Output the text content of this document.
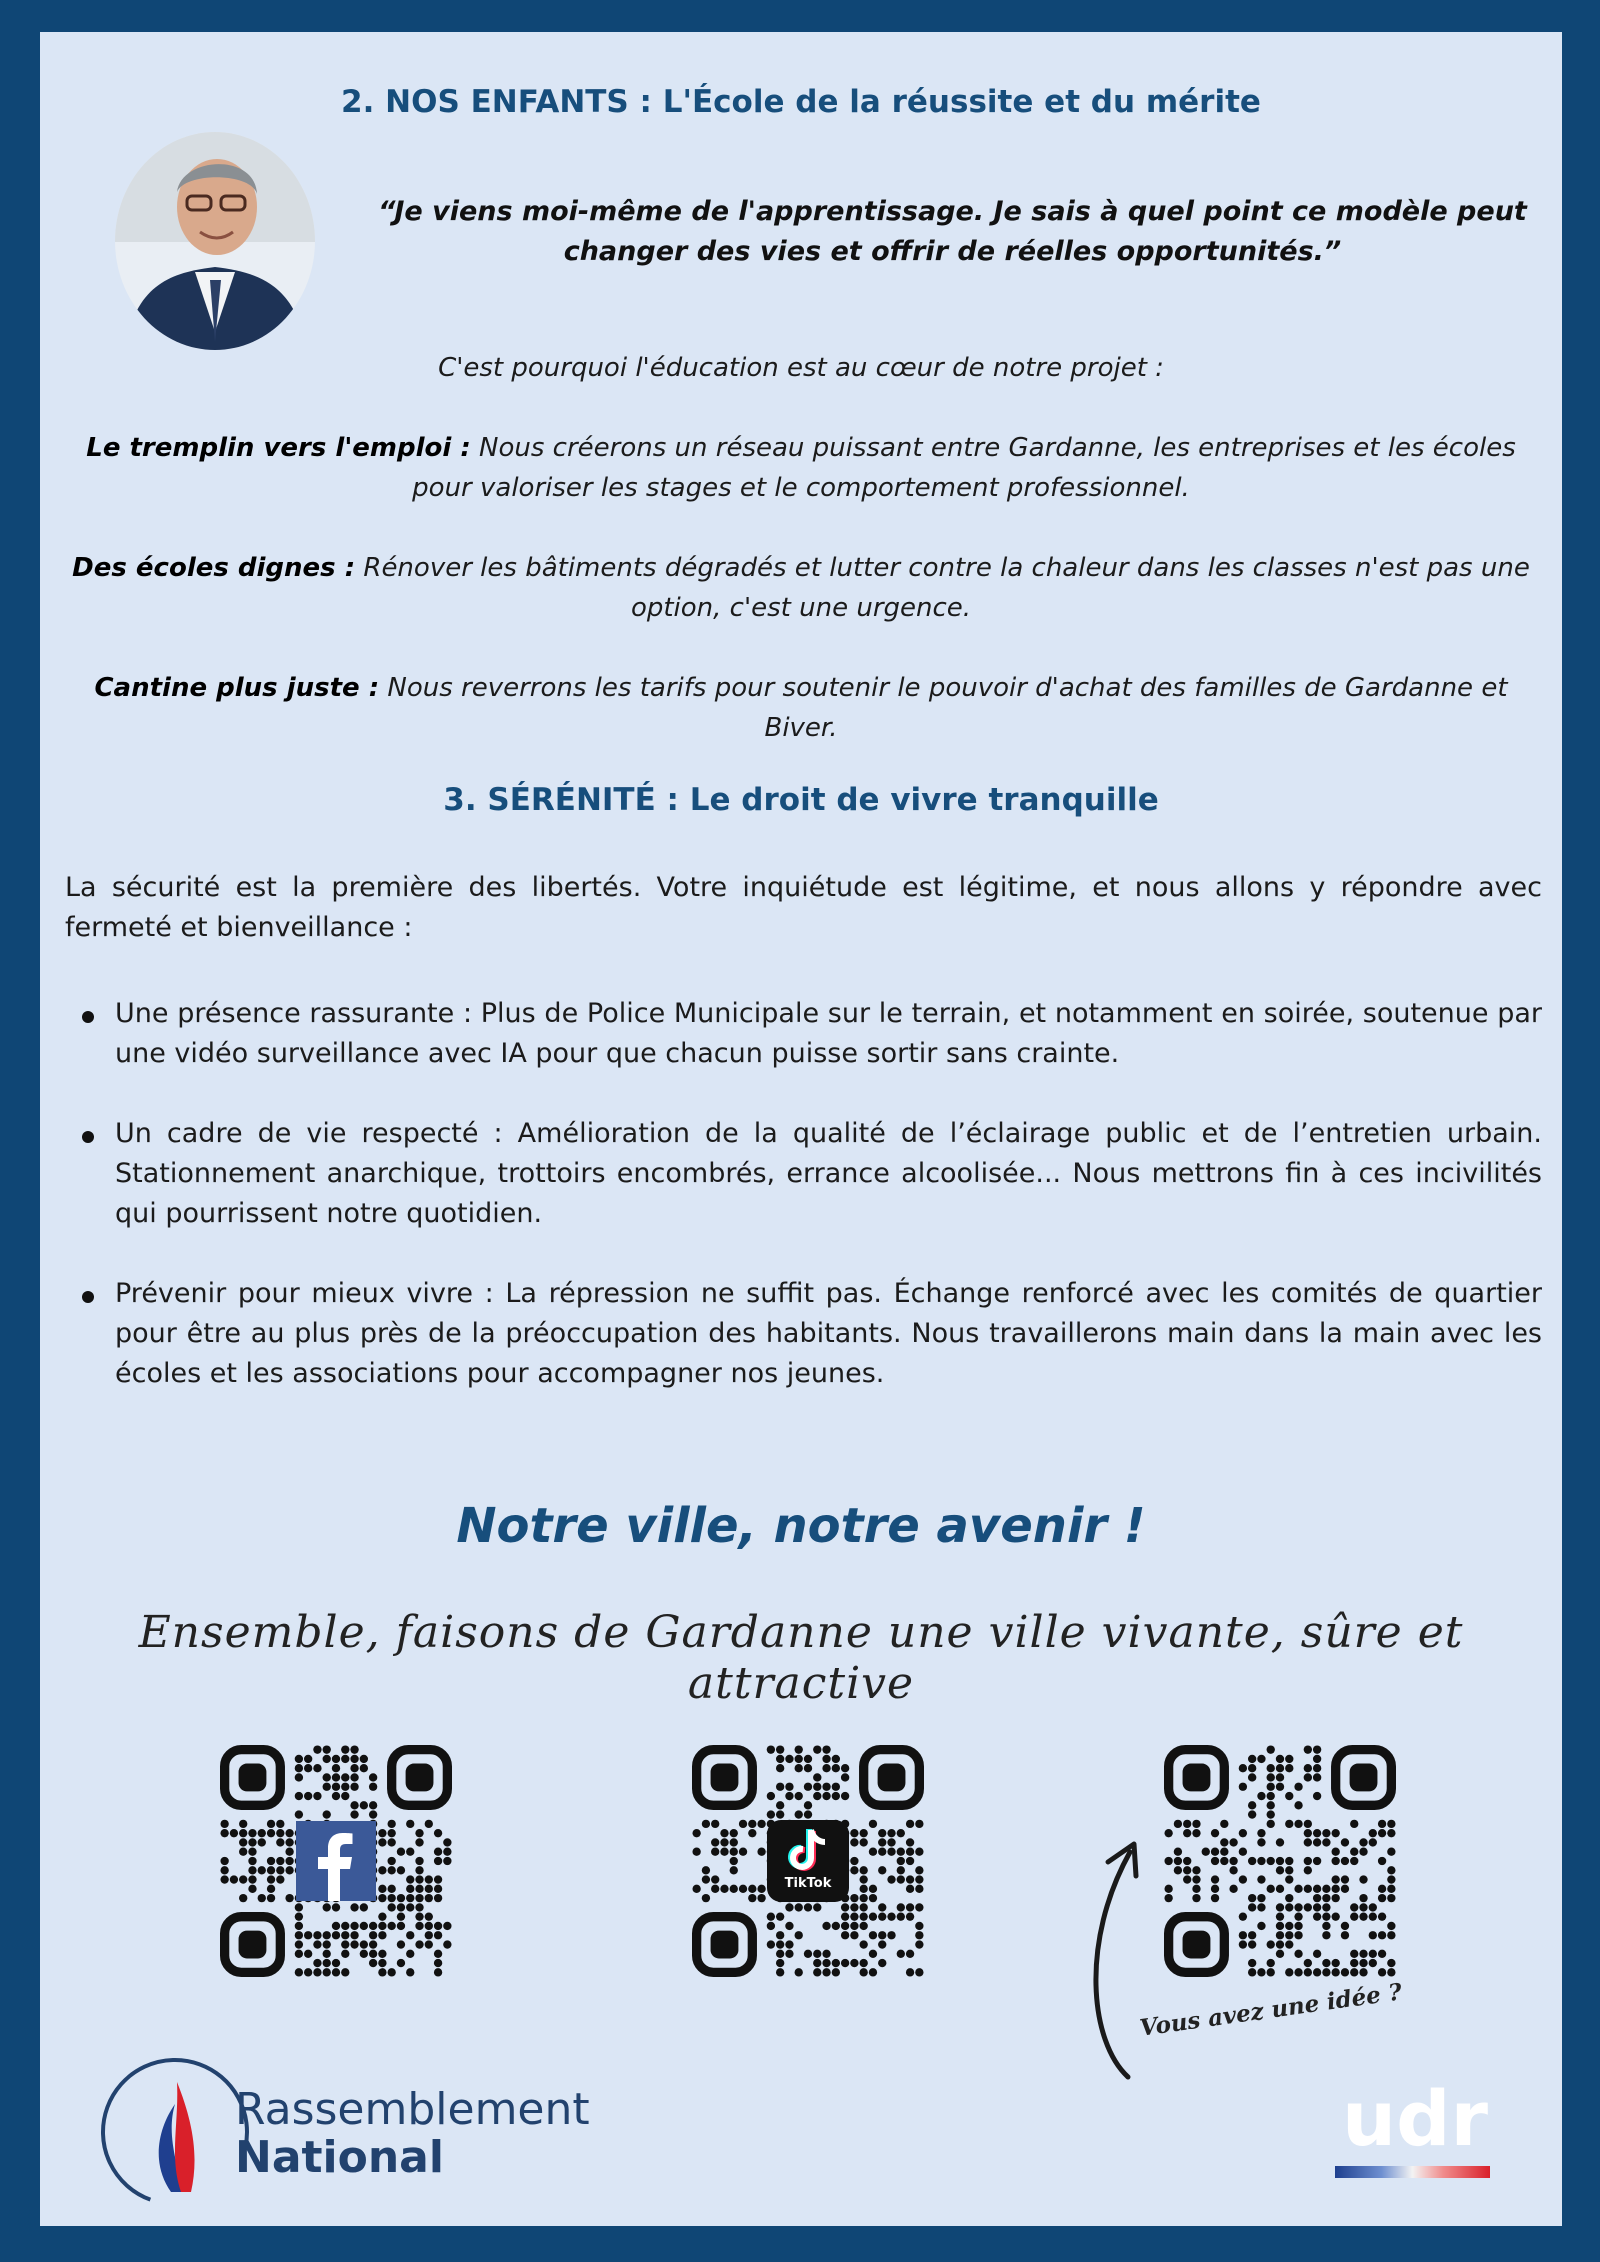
2. NOS ENFANTS : L'École de la réussite et du mérite
“Je viens moi-même de l'apprentissage. Je sais à quel point ce modèle peut changer des vies et offrir de réelles opportunités.”
C'est pourquoi l'éducation est au cœur de notre projet :
Le tremplin vers l'emploi : Nous créerons un réseau puissant entre Gardanne, les entreprises et les écoles pour valoriser les stages et le comportement professionnel.
Des écoles dignes : Rénover les bâtiments dégradés et lutter contre la chaleur dans les classes n'est pas une option, c'est une urgence.
Cantine plus juste : Nous reverrons les tarifs pour soutenir le pouvoir d'achat des familles de Gardanne et Biver.
3. SÉRÉNITÉ : Le droit de vivre tranquille
La sécurité est la première des libertés. Votre inquiétude est légitime, et nous allons y répondre avec fermeté et bienveillance :
Une présence rassurante : Plus de Police Municipale sur le terrain, et notamment en soirée, soutenue par une vidéo surveillance avec IA pour que chacun puisse sortir sans crainte.
Un cadre de vie respecté : Amélioration de la qualité de l’éclairage public et de l’entretien urbain. Stationnement anarchique, trottoirs encombrés, errance alcoolisée... Nous mettrons fin à ces incivilités qui pourrissent notre quotidien.
Prévenir pour mieux vivre : La répression ne suffit pas. Échange renforcé avec les comités de quartier pour être au plus près de la préoccupation des habitants. Nous travaillerons main dans la main avec les écoles et les associations pour accompagner nos jeunes.
Notre ville, notre avenir !
Ensemble, faisons de Gardanne une ville vivante, sûre et attractive
TikTok
Vous avez une idée ?
Rassemblement
National	udr
